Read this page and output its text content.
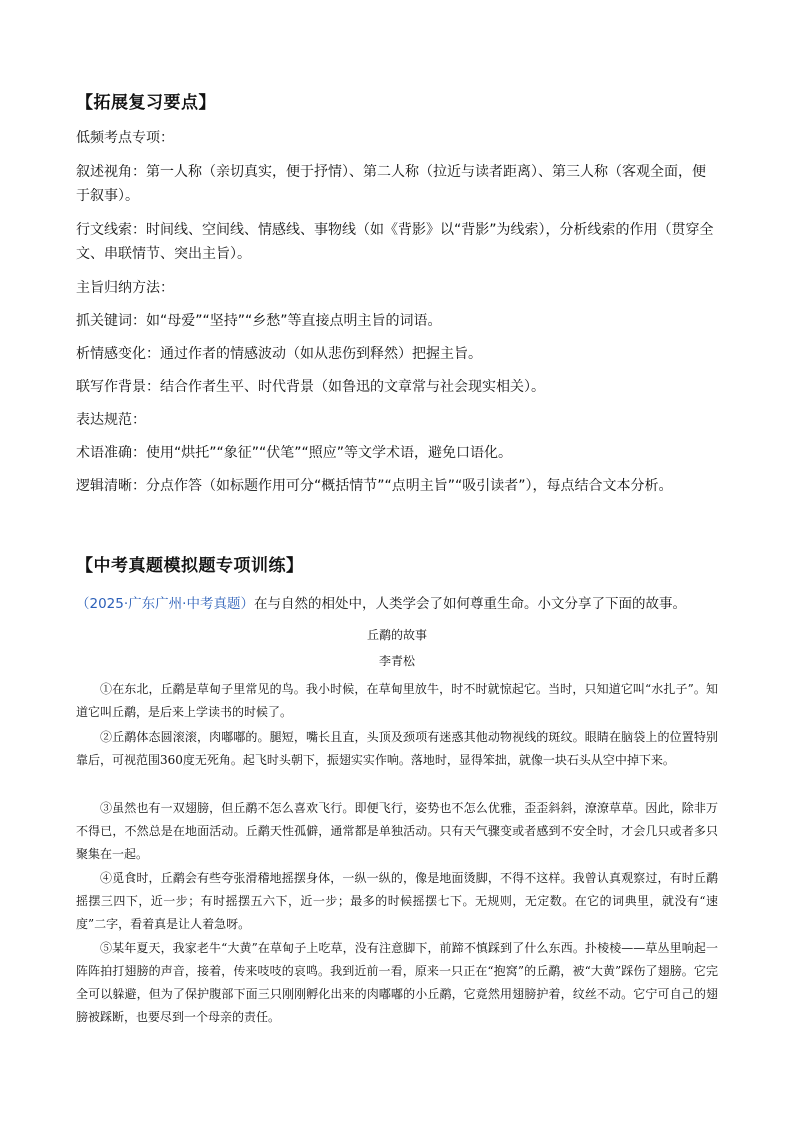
【拓展复习要点】
低频考点专项：
叙述视角：第一人称（亲切真实，便于抒情）、第二人称（拉近与读者距离）、第三人称（客观全面，便于叙事）。
行文线索：时间线、空间线、情感线、事物线（如《背影》以“背影”为线索），分析线索的作用（贯穿全文、串联情节、突出主旨）。
主旨归纳方法：
抓关键词：如“母爱”“坚持”“乡愁”等直接点明主旨的词语。
析情感变化：通过作者的情感波动（如从悲伤到释然）把握主旨。
联写作背景：结合作者生平、时代背景（如鲁迅的文章常与社会现实相关）。
表达规范：
术语准确：使用“烘托”“象征”“伏笔”“照应”等文学术语，避免口语化。
逻辑清晰：分点作答（如标题作用可分“概括情节”“点明主旨”“吸引读者”），每点结合文本分析。
【中考真题模拟题专项训练】
（2025·广东广州·中考真题）在与自然的相处中，人类学会了如何尊重生命。小文分享了下面的故事。
丘鹬的故事
李青松
①在东北，丘鹬是草甸子里常见的鸟。我小时候，在草甸里放牛，时不时就惊起它。当时，只知道它叫“水扎子”。知道它叫丘鹬，是后来上学读书的时候了。
②丘鹬体态圆滚滚，肉嘟嘟的。腿短，嘴长且直，头顶及颈项有迷惑其他动物视线的斑纹。眼睛在脑袋上的位置特别靠后，可视范围360度无死角。起飞时头朝下，振翅实实作响。落地时，显得笨拙，就像一块石头从空中掉下来。
③虽然也有一双翅膀，但丘鹬不怎么喜欢飞行。即便飞行，姿势也不怎么优雅，歪歪斜斜，潦潦草草。因此，除非万不得已，不然总是在地面活动。丘鹬天性孤僻，通常都是单独活动。只有天气骤变或者感到不安全时，才会几只或者多只聚集在一起。
④觅食时，丘鹬会有些夸张滑稽地摇摆身体，一纵一纵的，像是地面烫脚，不得不这样。我曾认真观察过，有时丘鹬摇摆三四下，近一步；有时摇摆五六下，近一步；最多的时候摇摆七下。无规则，无定数。在它的词典里，就没有“速度”二字，看着真是让人着急呀。
⑤某年夏天，我家老牛“大黄”在草甸子上吃草，没有注意脚下，前蹄不慎踩到了什么东西。扑棱棱——草丛里响起一阵阵拍打翅膀的声音，接着，传来吱吱的哀鸣。我到近前一看，原来一只正在“抱窝”的丘鹬，被“大黄”踩伤了翅膀。它完全可以躲避，但为了保护腹部下面三只刚刚孵化出来的肉嘟嘟的小丘鹬，它竟然用翅膀护着，纹丝不动。它宁可自己的翅膀被踩断，也要尽到一个母亲的责任。
